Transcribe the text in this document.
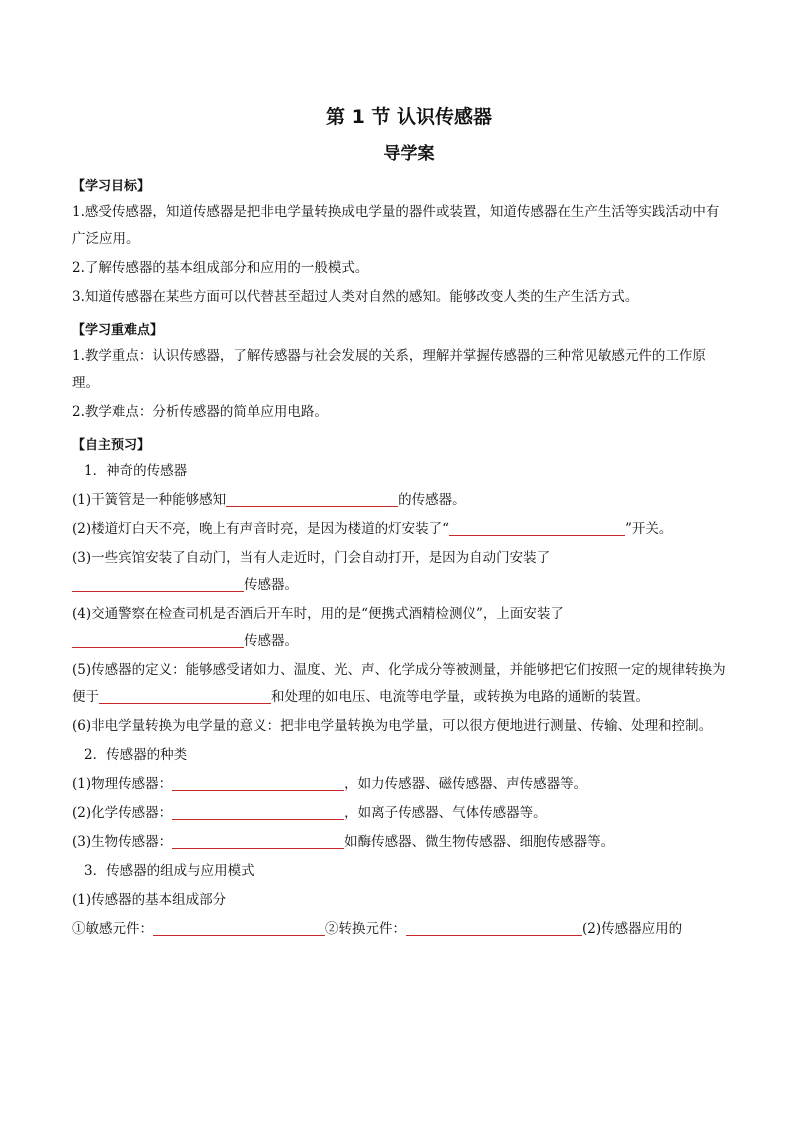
第 1 节 认识传感器
导学案
【学习目标】
1.感受传感器，知道传感器是把非电学量转换成电学量的器件或装置，知道传感器在生产生活等实践活动中有广泛应用。
2.了解传感器的基本组成部分和应用的一般模式。
3.知道传感器在某些方面可以代替甚至超过人类对自然的感知。能够改变人类的生产生活方式。
【学习重难点】
1.教学重点：认识传感器，了解传感器与社会发展的关系，理解并掌握传感器的三种常见敏感元件的工作原理。
2.教学难点：分析传感器的简单应用电路。
【自主预习】
1．神奇的传感器
(1)干簧管是一种能够感知	的传感器。
(2)楼道灯白天不亮，晚上有声音时亮，是因为楼道的灯安装了“	”开关。
(3)一些宾馆安装了自动门，当有人走近时，门会自动打开，是因为自动门安装了
传感器。
(4)交通警察在检查司机是否酒后开车时，用的是“便携式酒精检测仪”，上面安装了
传感器。
(5)传感器的定义：能够感受诸如力、温度、光、声、化学成分等被测量，并能够把它们按照一定的规律转换为便于	和处理的如电压、电流等电学量，或转换为电路的通断的装置。
(6)非电学量转换为电学量的意义：把非电学量转换为电学量，可以很方便地进行测量、传输、处理和控制。
2．传感器的种类
(1)物理传感器：	，如力传感器、磁传感器、声传感器等。
(2)化学传感器：	，如离子传感器、气体传感器等。
(3)生物传感器：	如酶传感器、微生物传感器、细胞传感器等。
3．传感器的组成与应用模式
(1)传感器的基本组成部分
①敏感元件：	②转换元件：	(2)传感器应用的
